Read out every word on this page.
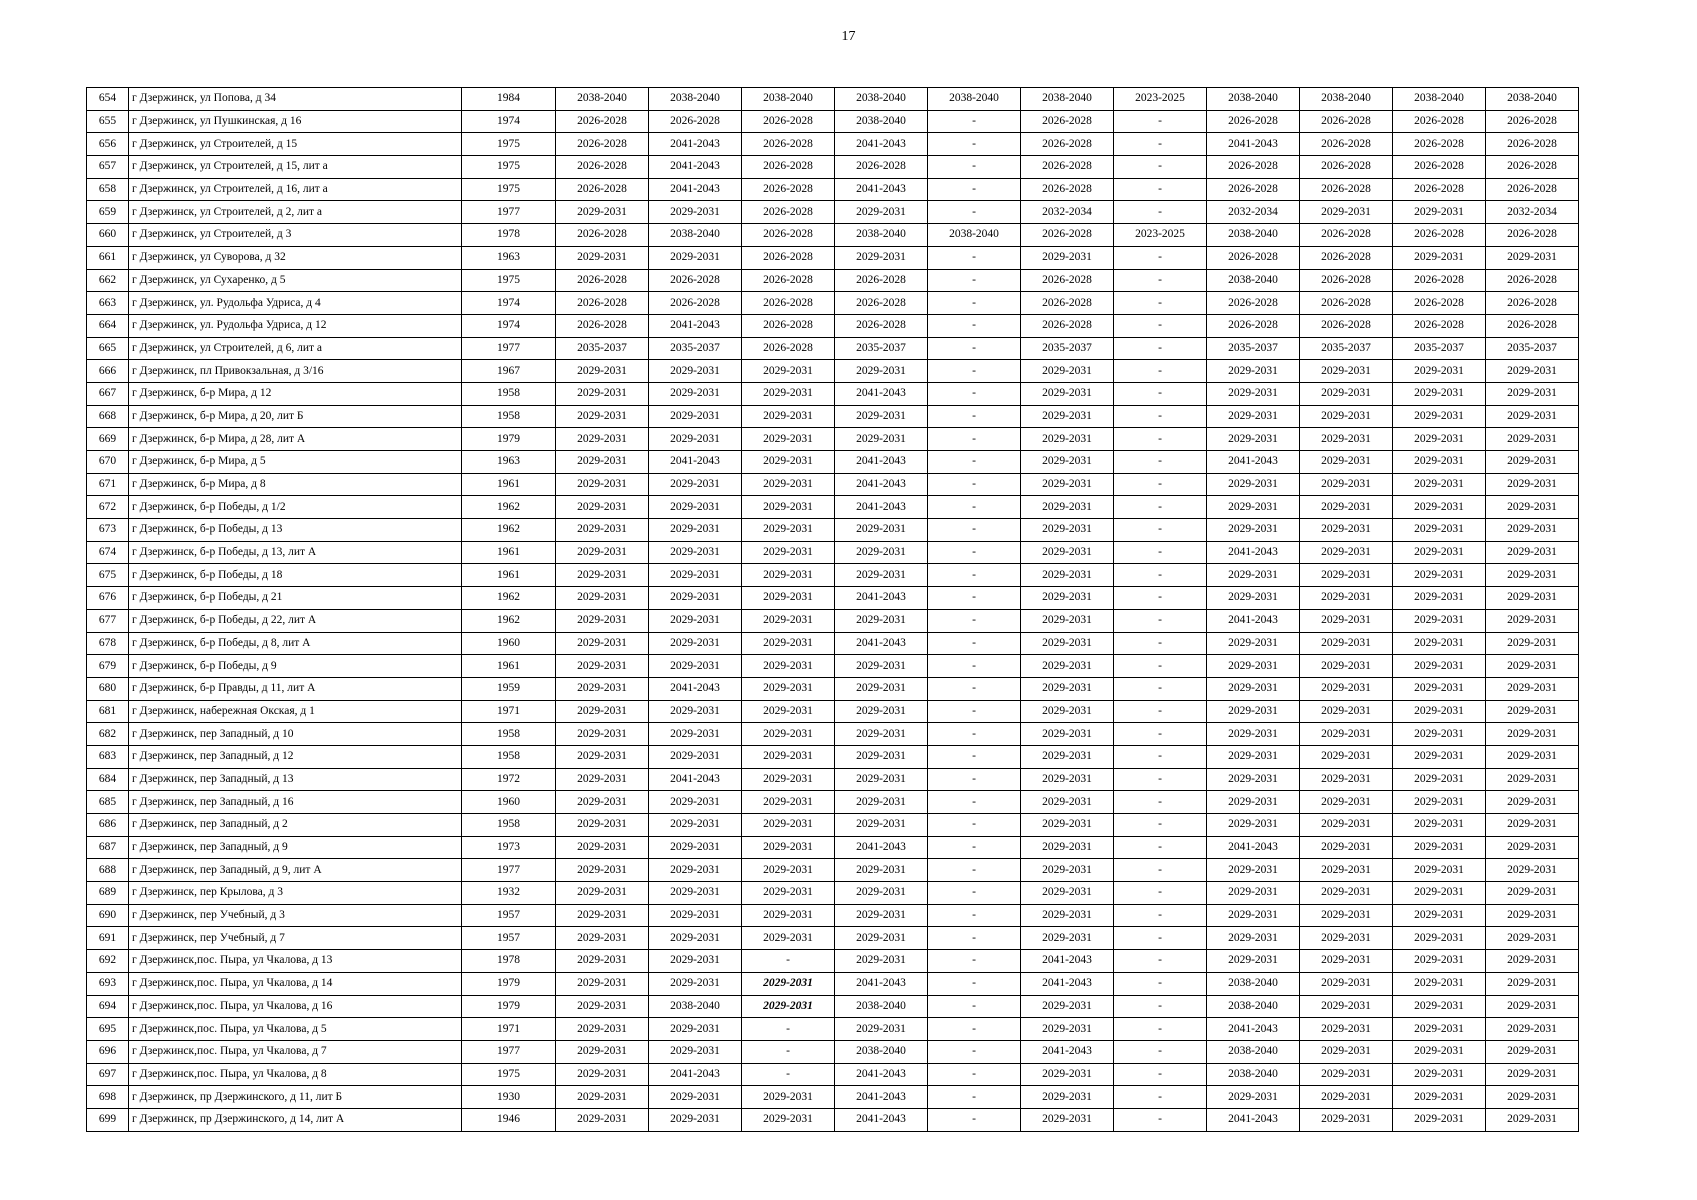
17
654	г Дзержинск, ул Попова, д 34	1984	2038-2040	2038-2040	2038-2040	2038-2040	2038-2040	2038-2040	2023-2025	2038-2040	2038-2040	2038-2040	2038-2040
655	г Дзержинск, ул Пушкинская, д 16	1974	2026-2028	2026-2028	2026-2028	2038-2040	-	2026-2028	-	2026-2028	2026-2028	2026-2028	2026-2028
656	г Дзержинск, ул Строителей, д 15	1975	2026-2028	2041-2043	2026-2028	2041-2043	-	2026-2028	-	2041-2043	2026-2028	2026-2028	2026-2028
657	г Дзержинск, ул Строителей, д 15, лит а	1975	2026-2028	2041-2043	2026-2028	2026-2028	-	2026-2028	-	2026-2028	2026-2028	2026-2028	2026-2028
658	г Дзержинск, ул Строителей, д 16, лит а	1975	2026-2028	2041-2043	2026-2028	2041-2043	-	2026-2028	-	2026-2028	2026-2028	2026-2028	2026-2028
659	г Дзержинск, ул Строителей, д 2, лит а	1977	2029-2031	2029-2031	2026-2028	2029-2031	-	2032-2034	-	2032-2034	2029-2031	2029-2031	2032-2034
660	г Дзержинск, ул Строителей, д 3	1978	2026-2028	2038-2040	2026-2028	2038-2040	2038-2040	2026-2028	2023-2025	2038-2040	2026-2028	2026-2028	2026-2028
661	г Дзержинск, ул Суворова, д 32	1963	2029-2031	2029-2031	2026-2028	2029-2031	-	2029-2031	-	2026-2028	2026-2028	2029-2031	2029-2031
662	г Дзержинск, ул Сухаренко, д 5	1975	2026-2028	2026-2028	2026-2028	2026-2028	-	2026-2028	-	2038-2040	2026-2028	2026-2028	2026-2028
663	г Дзержинск, ул. Рудольфа Удриса, д 4	1974	2026-2028	2026-2028	2026-2028	2026-2028	-	2026-2028	-	2026-2028	2026-2028	2026-2028	2026-2028
664	г Дзержинск, ул. Рудольфа Удриса, д 12	1974	2026-2028	2041-2043	2026-2028	2026-2028	-	2026-2028	-	2026-2028	2026-2028	2026-2028	2026-2028
665	г Дзержинск, ул Строителей, д 6, лит а	1977	2035-2037	2035-2037	2026-2028	2035-2037	-	2035-2037	-	2035-2037	2035-2037	2035-2037	2035-2037
666	г Дзержинск, пл Привокзальная, д 3/16	1967	2029-2031	2029-2031	2029-2031	2029-2031	-	2029-2031	-	2029-2031	2029-2031	2029-2031	2029-2031
667	г Дзержинск, б-р Мира, д 12	1958	2029-2031	2029-2031	2029-2031	2041-2043	-	2029-2031	-	2029-2031	2029-2031	2029-2031	2029-2031
668	г Дзержинск, б-р Мира, д 20, лит Б	1958	2029-2031	2029-2031	2029-2031	2029-2031	-	2029-2031	-	2029-2031	2029-2031	2029-2031	2029-2031
669	г Дзержинск, б-р Мира, д 28, лит А	1979	2029-2031	2029-2031	2029-2031	2029-2031	-	2029-2031	-	2029-2031	2029-2031	2029-2031	2029-2031
670	г Дзержинск, б-р Мира, д 5	1963	2029-2031	2041-2043	2029-2031	2041-2043	-	2029-2031	-	2041-2043	2029-2031	2029-2031	2029-2031
671	г Дзержинск, б-р Мира, д 8	1961	2029-2031	2029-2031	2029-2031	2041-2043	-	2029-2031	-	2029-2031	2029-2031	2029-2031	2029-2031
672	г Дзержинск, б-р Победы, д 1/2	1962	2029-2031	2029-2031	2029-2031	2041-2043	-	2029-2031	-	2029-2031	2029-2031	2029-2031	2029-2031
673	г Дзержинск, б-р Победы, д 13	1962	2029-2031	2029-2031	2029-2031	2029-2031	-	2029-2031	-	2029-2031	2029-2031	2029-2031	2029-2031
674	г Дзержинск, б-р Победы, д 13, лит А	1961	2029-2031	2029-2031	2029-2031	2029-2031	-	2029-2031	-	2041-2043	2029-2031	2029-2031	2029-2031
675	г Дзержинск, б-р Победы, д 18	1961	2029-2031	2029-2031	2029-2031	2029-2031	-	2029-2031	-	2029-2031	2029-2031	2029-2031	2029-2031
676	г Дзержинск, б-р Победы, д 21	1962	2029-2031	2029-2031	2029-2031	2041-2043	-	2029-2031	-	2029-2031	2029-2031	2029-2031	2029-2031
677	г Дзержинск, б-р Победы, д 22, лит А	1962	2029-2031	2029-2031	2029-2031	2029-2031	-	2029-2031	-	2041-2043	2029-2031	2029-2031	2029-2031
678	г Дзержинск, б-р Победы, д 8, лит А	1960	2029-2031	2029-2031	2029-2031	2041-2043	-	2029-2031	-	2029-2031	2029-2031	2029-2031	2029-2031
679	г Дзержинск, б-р Победы, д 9	1961	2029-2031	2029-2031	2029-2031	2029-2031	-	2029-2031	-	2029-2031	2029-2031	2029-2031	2029-2031
680	г Дзержинск, б-р Правды, д 11, лит А	1959	2029-2031	2041-2043	2029-2031	2029-2031	-	2029-2031	-	2029-2031	2029-2031	2029-2031	2029-2031
681	г Дзержинск, набережная Окская, д 1	1971	2029-2031	2029-2031	2029-2031	2029-2031	-	2029-2031	-	2029-2031	2029-2031	2029-2031	2029-2031
682	г Дзержинск, пер Западный, д 10	1958	2029-2031	2029-2031	2029-2031	2029-2031	-	2029-2031	-	2029-2031	2029-2031	2029-2031	2029-2031
683	г Дзержинск, пер Западный, д 12	1958	2029-2031	2029-2031	2029-2031	2029-2031	-	2029-2031	-	2029-2031	2029-2031	2029-2031	2029-2031
684	г Дзержинск, пер Западный, д 13	1972	2029-2031	2041-2043	2029-2031	2029-2031	-	2029-2031	-	2029-2031	2029-2031	2029-2031	2029-2031
685	г Дзержинск, пер Западный, д 16	1960	2029-2031	2029-2031	2029-2031	2029-2031	-	2029-2031	-	2029-2031	2029-2031	2029-2031	2029-2031
686	г Дзержинск, пер Западный, д 2	1958	2029-2031	2029-2031	2029-2031	2029-2031	-	2029-2031	-	2029-2031	2029-2031	2029-2031	2029-2031
687	г Дзержинск, пер Западный, д 9	1973	2029-2031	2029-2031	2029-2031	2041-2043	-	2029-2031	-	2041-2043	2029-2031	2029-2031	2029-2031
688	г Дзержинск, пер Западный, д 9, лит А	1977	2029-2031	2029-2031	2029-2031	2029-2031	-	2029-2031	-	2029-2031	2029-2031	2029-2031	2029-2031
689	г Дзержинск, пер Крылова, д 3	1932	2029-2031	2029-2031	2029-2031	2029-2031	-	2029-2031	-	2029-2031	2029-2031	2029-2031	2029-2031
690	г Дзержинск, пер Учебный, д 3	1957	2029-2031	2029-2031	2029-2031	2029-2031	-	2029-2031	-	2029-2031	2029-2031	2029-2031	2029-2031
691	г Дзержинск, пер Учебный, д 7	1957	2029-2031	2029-2031	2029-2031	2029-2031	-	2029-2031	-	2029-2031	2029-2031	2029-2031	2029-2031
692	г Дзержинск,пос. Пыра, ул Чкалова, д 13	1978	2029-2031	2029-2031	-	2029-2031	-	2041-2043	-	2029-2031	2029-2031	2029-2031	2029-2031
693	г Дзержинск,пос. Пыра, ул Чкалова, д 14	1979	2029-2031	2029-2031	2029-2031	2041-2043	-	2041-2043	-	2038-2040	2029-2031	2029-2031	2029-2031
694	г Дзержинск,пос. Пыра, ул Чкалова, д 16	1979	2029-2031	2038-2040	2029-2031	2038-2040	-	2029-2031	-	2038-2040	2029-2031	2029-2031	2029-2031
695	г Дзержинск,пос. Пыра, ул Чкалова, д 5	1971	2029-2031	2029-2031	-	2029-2031	-	2029-2031	-	2041-2043	2029-2031	2029-2031	2029-2031
696	г Дзержинск,пос. Пыра, ул Чкалова, д 7	1977	2029-2031	2029-2031	-	2038-2040	-	2041-2043	-	2038-2040	2029-2031	2029-2031	2029-2031
697	г Дзержинск,пос. Пыра, ул Чкалова, д 8	1975	2029-2031	2041-2043	-	2041-2043	-	2029-2031	-	2038-2040	2029-2031	2029-2031	2029-2031
698	г Дзержинск, пр Дзержинского, д 11, лит Б	1930	2029-2031	2029-2031	2029-2031	2041-2043	-	2029-2031	-	2029-2031	2029-2031	2029-2031	2029-2031
699	г Дзержинск, пр Дзержинского, д 14, лит А	1946	2029-2031	2029-2031	2029-2031	2041-2043	-	2029-2031	-	2041-2043	2029-2031	2029-2031	2029-2031
